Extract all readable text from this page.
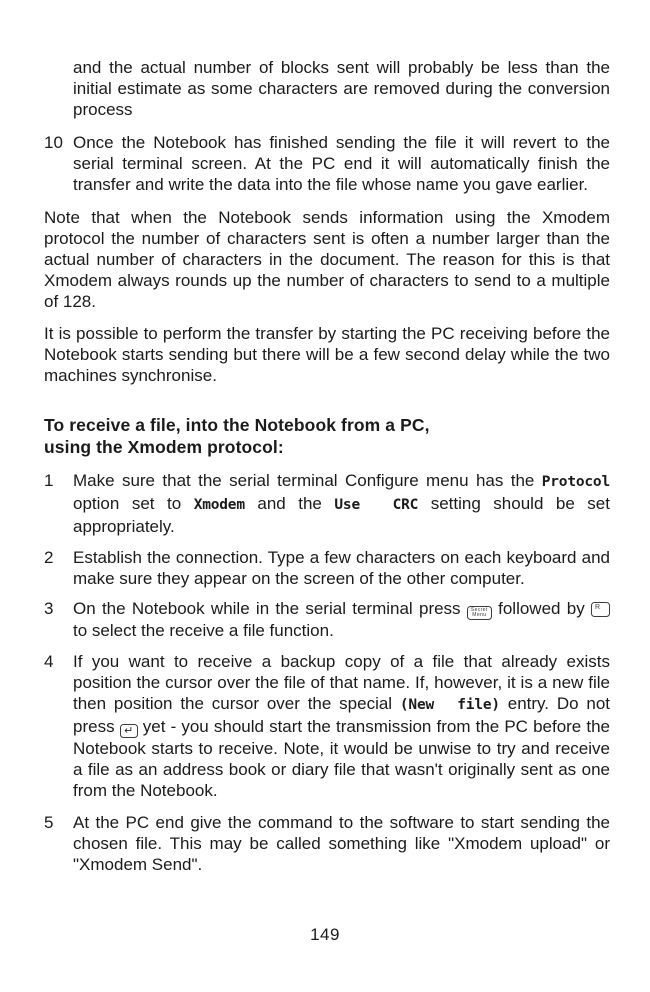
and the actual number of blocks sent will probably be less than the initial estimate as some characters are removed during the conversion process

10 Once the Notebook has finished sending the file it will revert to the serial terminal screen. At the PC end it will automatically finish the transfer and write the data into the file whose name you gave earlier.

Note that when the Notebook sends information using the Xmodem protocol the number of characters sent is often a number larger than the actual number of characters in the document. The reason for this is that Xmodem always rounds up the number of characters to send to a multiple of 128.

It is possible to perform the transfer by starting the PC receiving before the Notebook starts sending but there will be a few second delay while the two machines synchronise.

To receive a file, into the Notebook from a PC,
using the Xmodem protocol:
1	Make sure that the serial terminal Configure menu has the Protocol option set to Xmodem and the Use  CRC setting should be set appropriately.

2	Establish the connection. Type a few characters on each keyboard and make sure they appear on the screen of the other computer.

3	On the Notebook while in the serial terminal press Secret
Menu followed by R
to select the receive a file function.

4	If you want to receive a backup copy of a file that already exists position the cursor over the file of that name. If, however, it is a new file then position the cursor over the special (New  file) entry. Do not press ↵ yet - you should start the transmission from the PC before the Notebook starts to receive. Note, it would be unwise to try and receive a file as an address book or diary file that wasn't originally sent as one from the Notebook.

5	At the PC end give the command to the software to start sending the chosen file. This may be called something like "Xmodem upload" or "Xmodem Send".

149
